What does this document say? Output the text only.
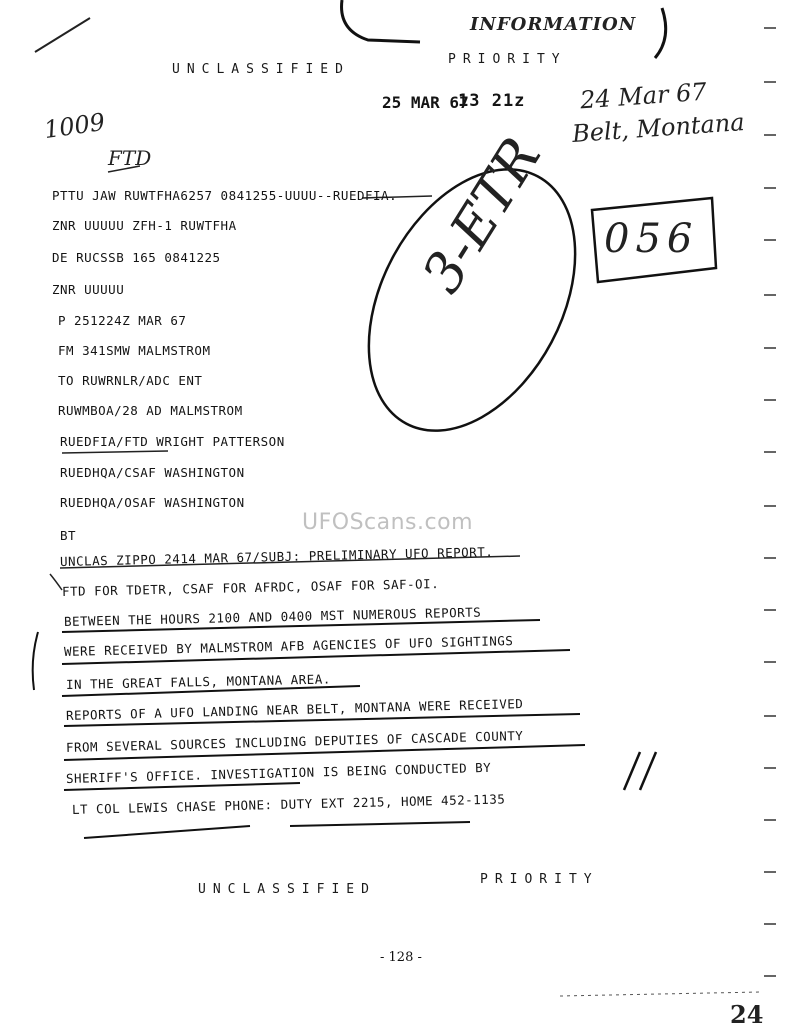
INFORMATION
UNCLASSIFIED
PRIORITY
25 MAR 67
13 21z
1009
FTD
24 Mar 67
Belt, Montana
3-ETR 056
PTTU JAW RUWTFHA6257 0841255-UUUU--RUEDFIA.
ZNR UUUUU ZFH-1 RUWTFHA
DE RUCSSB 165 0841225
ZNR UUUUU
P 251224Z MAR 67
FM 341SMW MALMSTROM
TO RUWRNLR/ADC ENT
RUWMBOA/28 AD MALMSTROM
RUEDFIA/FTD WRIGHT PATTERSON
RUEDHQA/CSAF WASHINGTON
RUEDHQA/OSAF WASHINGTON
BT
UNCLAS ZIPPO 2414 MAR 67/SUBJ: PRELIMINARY UFO REPORT.
FTD FOR TDETR, CSAF FOR AFRDC, OSAF FOR SAF-OI.
BETWEEN THE HOURS 2100 AND 0400 MST NUMEROUS REPORTS
WERE RECEIVED BY MALMSTROM AFB AGENCIES OF UFO SIGHTINGS
IN THE GREAT FALLS, MONTANA AREA.
REPORTS OF A UFO LANDING NEAR BELT, MONTANA WERE RECEIVED
FROM SEVERAL SOURCES INCLUDING DEPUTIES OF CASCADE COUNTY
SHERIFF'S OFFICE. INVESTIGATION IS BEING CONDUCTED BY
LT COL LEWIS CHASE PHONE: DUTY EXT 2215, HOME 452-1135
UFOScans.com
UNCLASSIFIED
PRIORITY
- 128 -
24
